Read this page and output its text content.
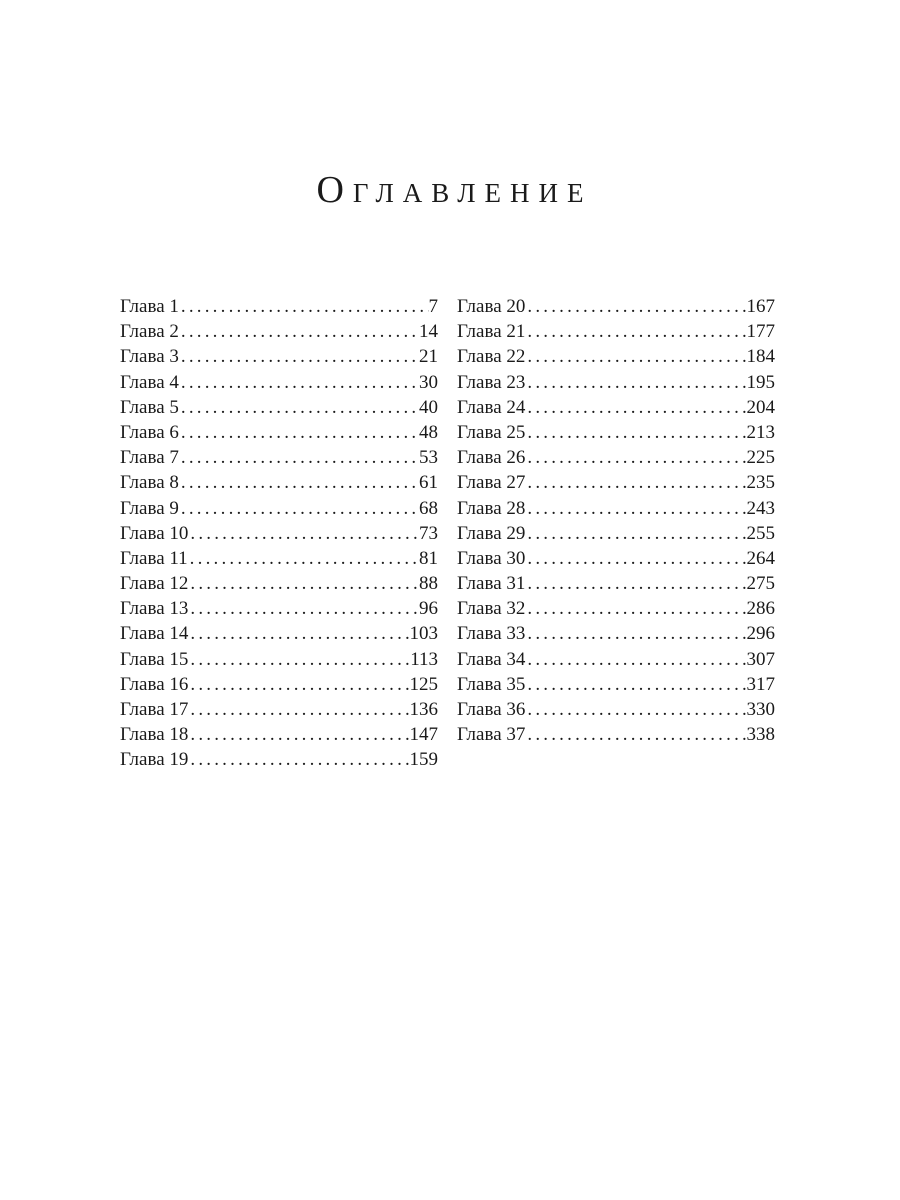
Оглавление
Глава 1 .....	7
Глава 2 .....	14
Глава 3 .....	21
Глава 4 .....	30
Глава 5 .....	40
Глава 6 .....	48
Глава 7 .....	53
Глава 8 .....	61
Глава 9 .....	68
Глава 10 .....	73
Глава 11 .....	81
Глава 12 .....	88
Глава 13 .....	96
Глава 14 .....	103
Глава 15 .....	113
Глава 16 .....	125
Глава 17 .....	136
Глава 18 .....	147
Глава 19 .....	159
Глава 20 .....	167
Глава 21 .....	177
Глава 22 .....	184
Глава 23 .....	195
Глава 24 .....	204
Глава 25 .....	213
Глава 26 .....	225
Глава 27 .....	235
Глава 28 .....	243
Глава 29 .....	255
Глава 30 .....	264
Глава 31 .....	275
Глава 32 .....	286
Глава 33 .....	296
Глава 34 .....	307
Глава 35 .....	317
Глава 36 .....	330
Глава 37 .....	338
